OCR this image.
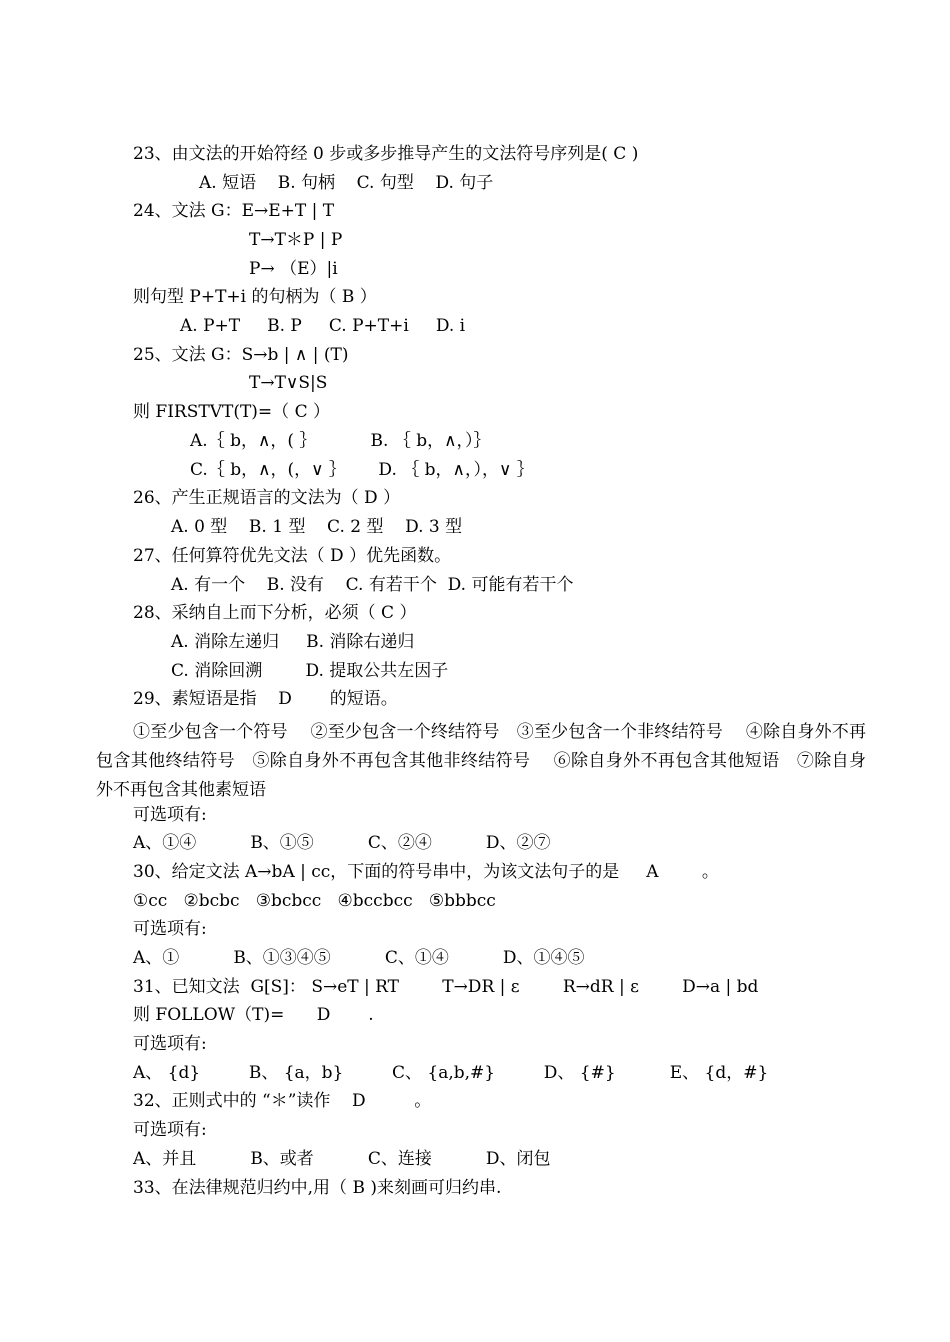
23、由文法的开始符经 0 步或多步推导产生的文法符号序列是( C )
A. 短语    B. 句柄    C. 句型    D. 句子
24、文法 G：E→E+T | T
T→T＊P | P
P→ （E）|i
则句型 P+T+i 的句柄为（ B ）
A. P+T     B. P     C. P+T+i     D. i
25、文法 G：S→b | ∧ | (T)
T→T∨S|S
则 FIRSTVT(T)=（ C ）
A.｛ b，∧，( ｝          B. ｛ b，∧，）｝
C.｛ b，∧，(，∨ ｝      D. ｛ b，∧，），∨ ｝
26、产生正规语言的文法为（ D ）
A. 0 型    B. 1 型    C. 2 型    D. 3 型
27、任何算符优先文法（ D ）优先函数。
A. 有一个    B. 没有    C. 有若干个  D. 可能有若干个
28、采纳自上而下分析，必须（ C ）
A. 消除左递归     B. 消除右递归
C. 消除回溯        D. 提取公共左因子
29、素短语是指    D       的短语。
①至少包含一个符号　 ②至少包含一个终结符号　③至少包含一个非终结符号　 ④除自身外不再包含其他终结符号　⑤除自身外不再包含其他非终结符号　 ⑥除自身外不再包含其他短语　⑦除自身外不再包含其他素短语
可选项有:
A、①④          B、①⑤          C、②④          D、②⑦
30、给定文法 A→bA | cc，下面的符号串中，为该文法句子的是     A        。
①cc   ②bcbc   ③bcbcc   ④bccbcc   ⑤bbbcc
可选项有:
A、①          B、①③④⑤          C、①④          D、①④⑤
31、已知文法  G[S]： S→eT | RT        T→DR | ε        R→dR | ε        D→a | bd
则 FOLLOW（T)=      D       .
可选项有:
A、 {d}         B、 {a，b}         C、 {a,b,#}         D、 {#}          E、 {d，#}
32、正则式中的 “＊”读作    D         。
可选项有:
A、并且          B、或者          C、连接          D、闭包
33、在法律规范归约中,用（ B )来刻画可归约串.
